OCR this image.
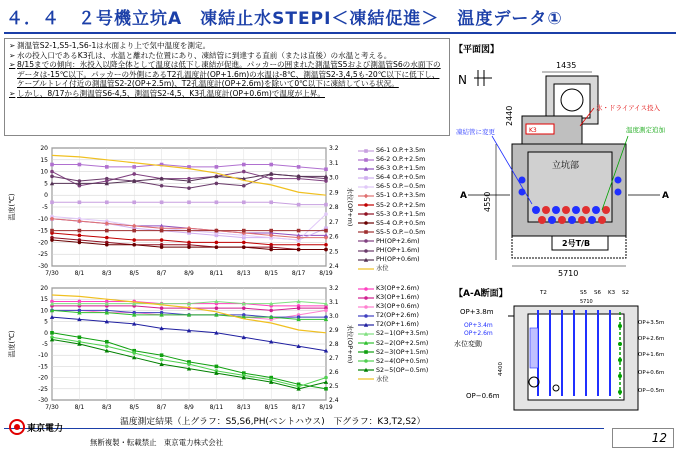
４．４　２号機立坑A　凍結止水STEPⅠ＜凍結促進＞　温度データ①
➢ 測温管S2-1,S5-1,S6-1は水面より上で気中温度を測定。
➢ 水の投入口であるK3孔は、水温と離れた位置にあり、凍結管に到達する直前（または直後）の水温と考える。
➢ 8/15までの傾向：氷投入以降全体として温度は低下し凍結が促進。パッカーの囲まれた測温管S5および測温管S6の水面下のデータは-15℃以下。パッカーの外側にあるT2孔温度計(OP+1.6m)の水温は-8℃、測温管S2-3,4,5も-20℃以下に低下し、ケーブルトレイ付近の測温管S2-2(OP+2.5m)、T2孔温度計(OP+2.6m)を除いて0℃以下に凍結している状況。
➢ しかし、8/17から測温管S6-4,5、測温管S2-4,5、K3孔温度計(OP+0.6m)で温度が上昇。
20
15
10
5
0
-5
-10
-15
-20
-25
-30
3.2
3.1
3.0
2.9
2.8
2.7
2.6
2.5
2.4
7/30	8/1	8/3	8/5	8/7	8/9	8/11 8/13 8/15 8/17 8/19
温度(℃)	水位(OP+m)
S6-1 O.P.+3.5m
S6-2 O.P.+2.5m
S6-3 O.P.+1.5m
S6-4 O.P.+0.5m
S6-5 O.P.−0.5m
S5-1 O.P.+3.5m
S5-2 O.P.+2.5m
S5-3 O.P.+1.5m
S5-4 O.P.+0.5m
S5-5 O.P.−0.5m
PH(OP+2.6m)
PH(OP+1.6m)
PH(OP+0.6m)
水位
20
15
10
5
0
-5
-10
-15
-20
-25
-30
3.2
3.1
3.0
2.9
2.8
2.7
2.6
2.5
2.4
7/30	8/1	8/3	8/5	8/7	8/9	8/11 8/13 8/15 8/17 8/19
温度(℃)	水位(OP+m)
K3(OP+2.6m)
K3(OP+1.6m)
K3(OP+0.6m)
T2(OP+2.6m)
T2(OP+1.6m)
S2−1(OP+3.5m)
S2−2(OP+2.5m)
S2−3(OP+1.5m)
S2−4(OP+0.5m)
S2−5(OP−0.5m)
水位
温度測定結果（上グラフ：S5,S6,PH(ペントハウス)　下グラフ：K3,T2,S2）
【平面図】
N
1435
2440
4550
K3
立坑部
2号T/B
A	A
5710
氷・ドライアイス投入
凍結管に変更	温度測定追加
【A-A断面】	T2	S5 S6 K3 S2
5710
OP+3.8m
OP+3.4m
OP+2.6m
水位変動
4400
OP−0.6m
OP+3.5m
OP+2.6m
OP+1.6m
OP+0.6m
OP−0.5m
東京電力
無断複製・転載禁止　東京電力株式会社	12
